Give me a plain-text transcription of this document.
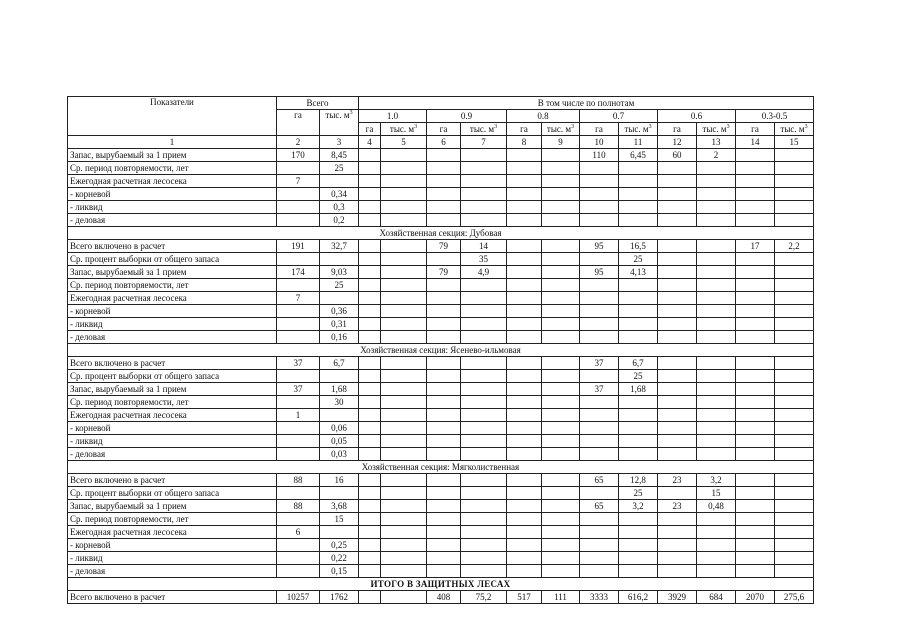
Показатели	Всего		В том числе по полнотам											
	га	тыс. $м^3$	1.0		0.9		0.8		0.7		0.6		0.3-0.5	
			га	тыс. $м^3$	га	тыс. $м^3$	га	тыс. $м^3$	га	тыс. $м^3$	га	тыс. $м^3$	га	тыс. $м^3$
1	2	3	4	5	6	7	8	9	10	11	12	13	14	15
Запас, вырубаемый за 1 прием	170	8,45							110	6,45	60	2		
Ср. период повторяемости, лет		25												
Ежегодная расчетная лесосека	7													
- корневой		0,34												
- ликвид		0,3												
- деловая		0,2												
Хозяйственная секция: Дубовая														
Всего включено в расчет	191	32,7			79	14			95	16,5			17	2,2
Ср. процент выборки от общего запаса						35				25				
Запас, вырубаемый за 1 прием	174	9,03			79	4,9			95	4,13				
Ср. период повторяемости, лет		25												
Ежегодная расчетная лесосека	7													
- корневой		0,36												
- ликвид		0,31												
- деловая		0,16												
Хозяйственная секция: Ясенево-ильмовая														
Всего включено в расчет	37	6,7							37	6,7				
Ср. процент выборки от общего запаса										25				
Запас, вырубаемый за 1 прием	37	1,68							37	1,68				
Ср. период повторяемости, лет		30												
Ежегодная расчетная лесосека	1													
- корневой		0,06												
- ликвид		0,05												
- деловая		0,03												
Хозяйственная секция: Мягколиственная														
Всего включено в расчет	88	16							65	12,8	23	3,2		
Ср. процент выборки от общего запаса										25		15		
Запас, вырубаемый за 1 прием	88	3,68							65	3,2	23	0,48		
Ср. период повторяемости, лет		15												
Ежегодная расчетная лесосека	6													
- корневой		0,25												
- ликвид		0,22												
- деловая		0,15												
ИТОГО В ЗАЩИТНЫХ ЛЕСАХ														
Всего включено в расчет	10257	1762			408	75,2	517	111	3333	616,2	3929	684	2070	275,6
